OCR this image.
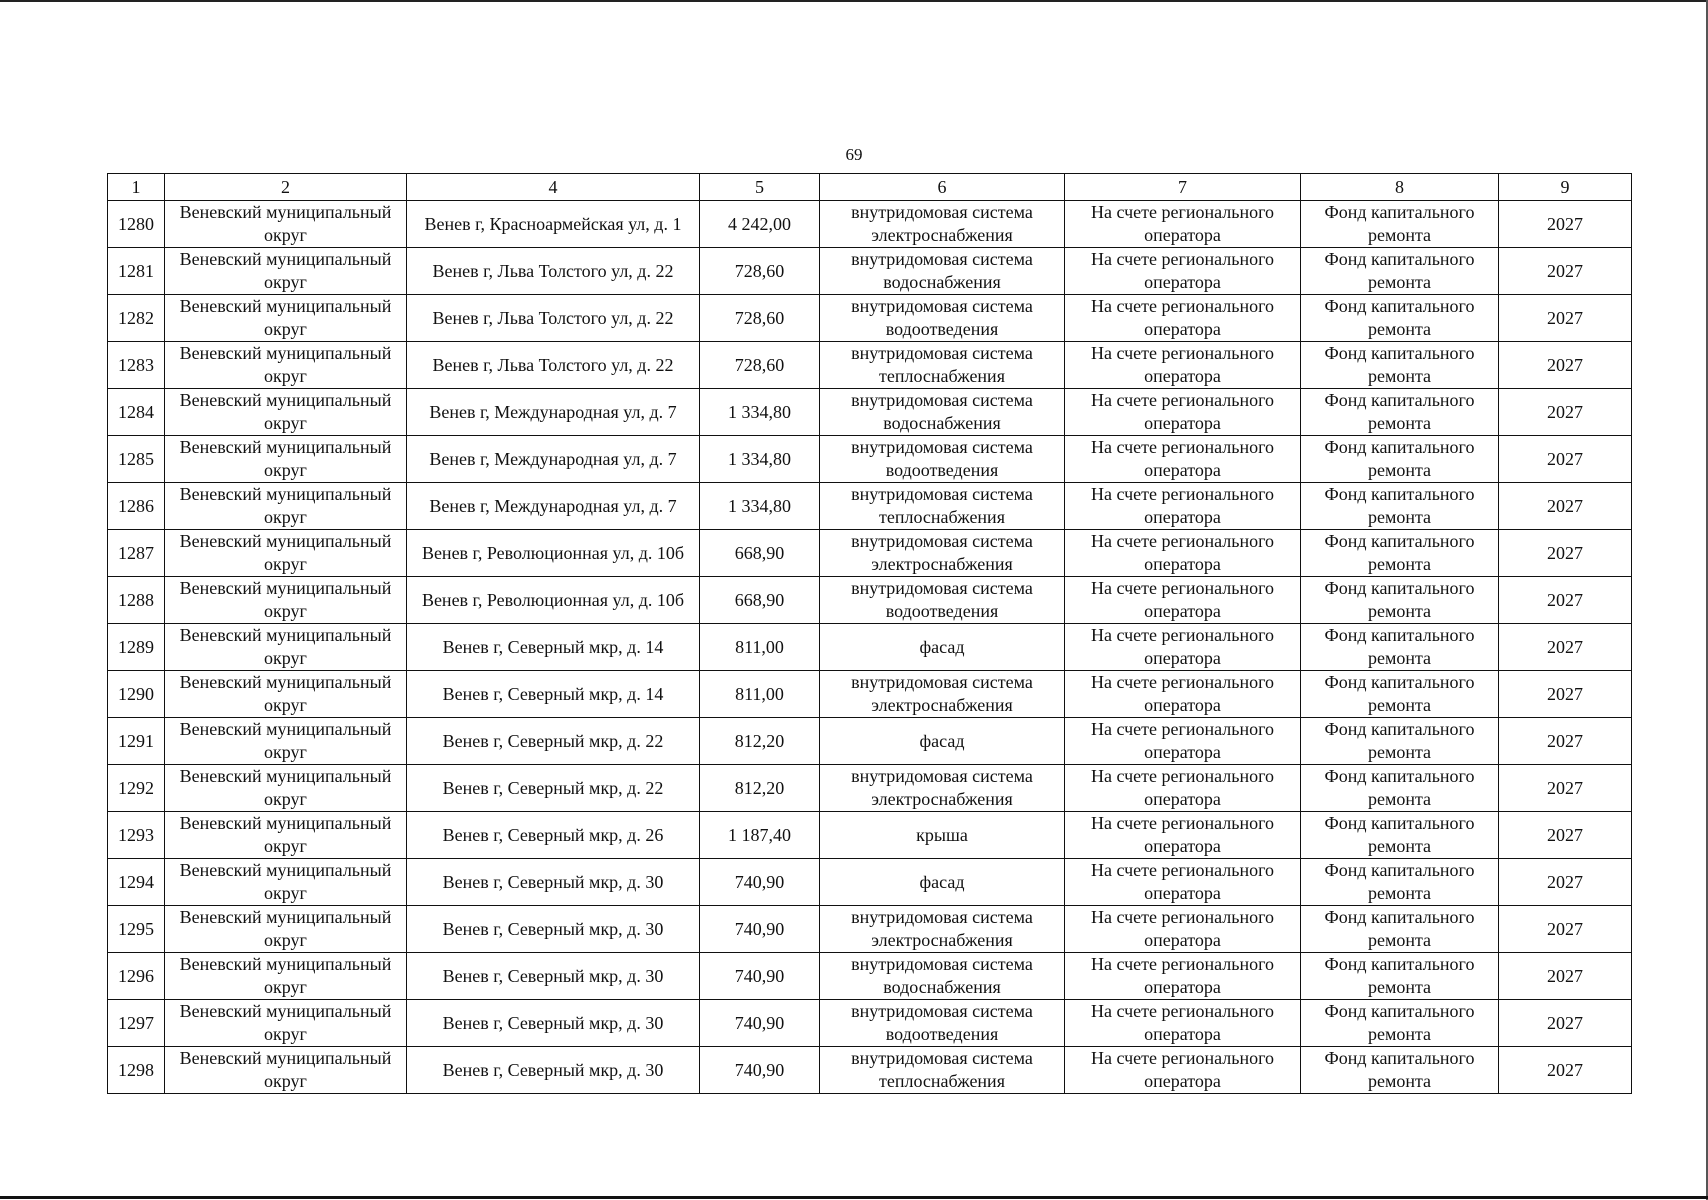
69
1	2	4	5	6	7	8	9
1280	Веневский муниципальный округ	Венев г, Красноармейская ул, д. 1	4 242,00	внутридомовая система электроснабжения	На счете регионального оператора	Фонд капитального ремонта	2027
1281	Веневский муниципальный округ	Венев г, Льва Толстого ул, д. 22	728,60	внутридомовая система водоснабжения	На счете регионального оператора	Фонд капитального ремонта	2027
1282	Веневский муниципальный округ	Венев г, Льва Толстого ул, д. 22	728,60	внутридомовая система водоотведения	На счете регионального оператора	Фонд капитального ремонта	2027
1283	Веневский муниципальный округ	Венев г, Льва Толстого ул, д. 22	728,60	внутридомовая система теплоснабжения	На счете регионального оператора	Фонд капитального ремонта	2027
1284	Веневский муниципальный округ	Венев г, Международная ул, д. 7	1 334,80	внутридомовая система водоснабжения	На счете регионального оператора	Фонд капитального ремонта	2027
1285	Веневский муниципальный округ	Венев г, Международная ул, д. 7	1 334,80	внутридомовая система водоотведения	На счете регионального оператора	Фонд капитального ремонта	2027
1286	Веневский муниципальный округ	Венев г, Международная ул, д. 7	1 334,80	внутридомовая система теплоснабжения	На счете регионального оператора	Фонд капитального ремонта	2027
1287	Веневский муниципальный округ	Венев г, Революционная ул, д. 10б	668,90	внутридомовая система электроснабжения	На счете регионального оператора	Фонд капитального ремонта	2027
1288	Веневский муниципальный округ	Венев г, Революционная ул, д. 10б	668,90	внутридомовая система водоотведения	На счете регионального оператора	Фонд капитального ремонта	2027
1289	Веневский муниципальный округ	Венев г, Северный мкр, д. 14	811,00	фасад	На счете регионального оператора	Фонд капитального ремонта	2027
1290	Веневский муниципальный округ	Венев г, Северный мкр, д. 14	811,00	внутридомовая система электроснабжения	На счете регионального оператора	Фонд капитального ремонта	2027
1291	Веневский муниципальный округ	Венев г, Северный мкр, д. 22	812,20	фасад	На счете регионального оператора	Фонд капитального ремонта	2027
1292	Веневский муниципальный округ	Венев г, Северный мкр, д. 22	812,20	внутридомовая система электроснабжения	На счете регионального оператора	Фонд капитального ремонта	2027
1293	Веневский муниципальный округ	Венев г, Северный мкр, д. 26	1 187,40	крыша	На счете регионального оператора	Фонд капитального ремонта	2027
1294	Веневский муниципальный округ	Венев г, Северный мкр, д. 30	740,90	фасад	На счете регионального оператора	Фонд капитального ремонта	2027
1295	Веневский муниципальный округ	Венев г, Северный мкр, д. 30	740,90	внутридомовая система электроснабжения	На счете регионального оператора	Фонд капитального ремонта	2027
1296	Веневский муниципальный округ	Венев г, Северный мкр, д. 30	740,90	внутридомовая система водоснабжения	На счете регионального оператора	Фонд капитального ремонта	2027
1297	Веневский муниципальный округ	Венев г, Северный мкр, д. 30	740,90	внутридомовая система водоотведения	На счете регионального оператора	Фонд капитального ремонта	2027
1298	Веневский муниципальный округ	Венев г, Северный мкр, д. 30	740,90	внутридомовая система теплоснабжения	На счете регионального оператора	Фонд капитального ремонта	2027
